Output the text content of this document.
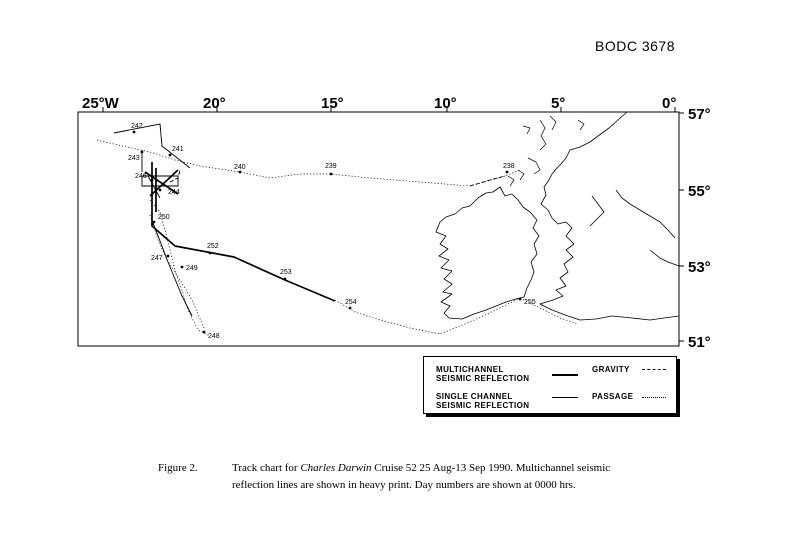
BODC 3678
25°W	20°	15°	10°	5°	0°
57°
55°
53°
51°
242
241
243
240	239	238
246
244
250
252
247
249
253
254	255
248
MULTICHANNEL
SEISMIC REFLECTION
GRAVITY
SINGLE CHANNEL
SEISMIC REFLECTION
PASSAGE
Figure 2.	Track chart for Charles Darwin Cruise 52 25 Aug-13 Sep 1990. Multichannel seismic reflection lines are shown in heavy print. Day numbers are shown at 0000 hrs.
